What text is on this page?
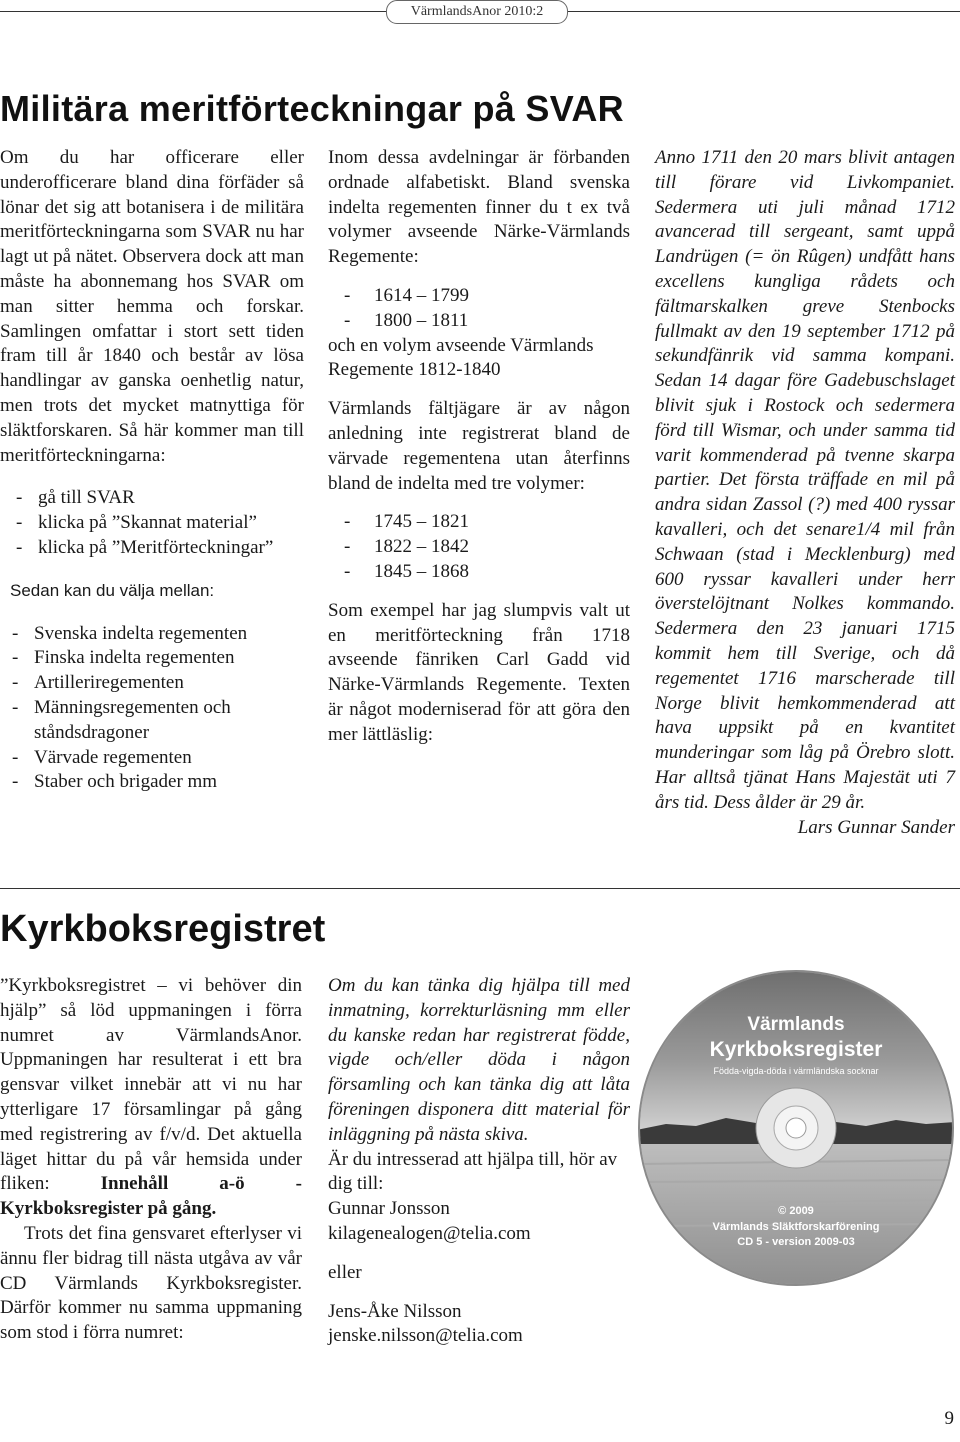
VärmlandsAnor 2010:2
Militära meritförteckningar på SVAR

Om du har officerare eller underofficerare bland dina förfäder så lönar det sig att botanisera i de militära meritförteckningarna som SVAR nu har lagt ut på nätet. Observera dock att man måste ha abonnemang hos SVAR om man sitter hemma och forskar. Samlingen omfattar i stort sett tiden fram till år 1840 och består av lösa handlingar av ganska oenhetlig natur, men trots det mycket matnyttiga för släktforskaren. Så här kommer man till meritförteckningarna:

- gå till SVAR
- klicka på ”Skannat material”
- klicka på ”Meritförteckningar”

Sedan kan du välja mellan:

- Svenska indelta regementen
- Finska indelta regementen
- Artilleriregementen
- Männingsregementen och ståndsdragoner
- Värvade regementen
- Staber och brigader mm

Inom dessa avdelningar är förbanden ordnade alfabetiskt. Bland svenska indelta regementen finner du t ex två volymer avseende Närke-Värmlands Regemente:

- 1614 – 1799
- 1800 – 1811

och en volym avseende Värmlands Regemente 1812-1840

Värmlands fältjägare är av någon anledning inte registrerat bland de värvade regementena utan återfinns bland de indelta med tre volymer:

- 1745 – 1821
- 1822 – 1842
- 1845 – 1868

Som exempel har jag slumpvis valt ut en meritförteckning från 1718 avseende fänriken Carl Gadd vid Närke-Värmlands Regemente. Texten är något moderniserad för att göra den mer lättläslig:

Anno 1711 den 20 mars blivit antagen till förare vid Livkompaniet. Sedermera uti juli månad 1712 avancerad till sergeant, samt uppå Landrügen (= ön Rûgen) undfått hans excellens kungliga rådets och fältmarskalken greve Stenbocks fullmakt av den 19 september 1712 på sekundfänrik vid samma kompani. Sedan 14 dagar före Gadebuschslaget blivit sjuk i Rostock och sedermera förd till Wismar, och under samma tid varit kommenderad på tvenne skarpa partier. Det första träffade en mil på andra sidan Zassol (?) med 400 ryssar kavalleri, och det senare1/4 mil från Schwaan (stad i Mecklenburg) med 600 ryssar kavalleri under herr överstelöjtnant Nolkes kommando. Sedermera den 23 januari 1715 kommit hem till Sverige, och då regementet 1716 marscherade till Norge blivit hemkommenderad att hava uppsikt på en kvantitet munderingar som låg på Örebro slott. Har alltså tjänat Hans Majestät uti 7 års tid. Dess ålder är 29 år.

Lars Gunnar Sander

Kyrkboksregistret

”Kyrkboksregistret – vi behöver din hjälp” så löd uppmaningen i förra numret av VärmlandsAnor. Uppmaningen har resulterat i ett bra gensvar vilket innebär att vi nu har ytterligare 17 församlingar på gång med registrering av f/v/d. Det aktuella läget hittar du på vår hemsida under fliken: Innehåll a-ö - Kyrkboksregister på gång.

Trots det fina gensvaret efterlyser vi ännu fler bidrag till nästa utgåva av vår CD Värmlands Kyrkboksregister. Därför kommer nu samma uppmaning som stod i förra numret:

Om du kan tänka dig hjälpa till med inmatning, korrekturläsning mm eller du kanske redan har registrerat födde, vigde och/eller döda i någon församling och kan tänka dig att låta föreningen disponera ditt material för inläggning på nästa skiva.

Är du intresserad att hjälpa till, hör av dig till:

Gunnar Jonsson

kilagenealogen@telia.com

eller

Jens-Åke Nilsson

jenske.nilsson@telia.com

Värmlands
Kyrkboksregister
Födda-vigda-döda i värmländska socknar
© 2009
Värmlands Släktforskarförening
CD 5 - version 2009-03
9
